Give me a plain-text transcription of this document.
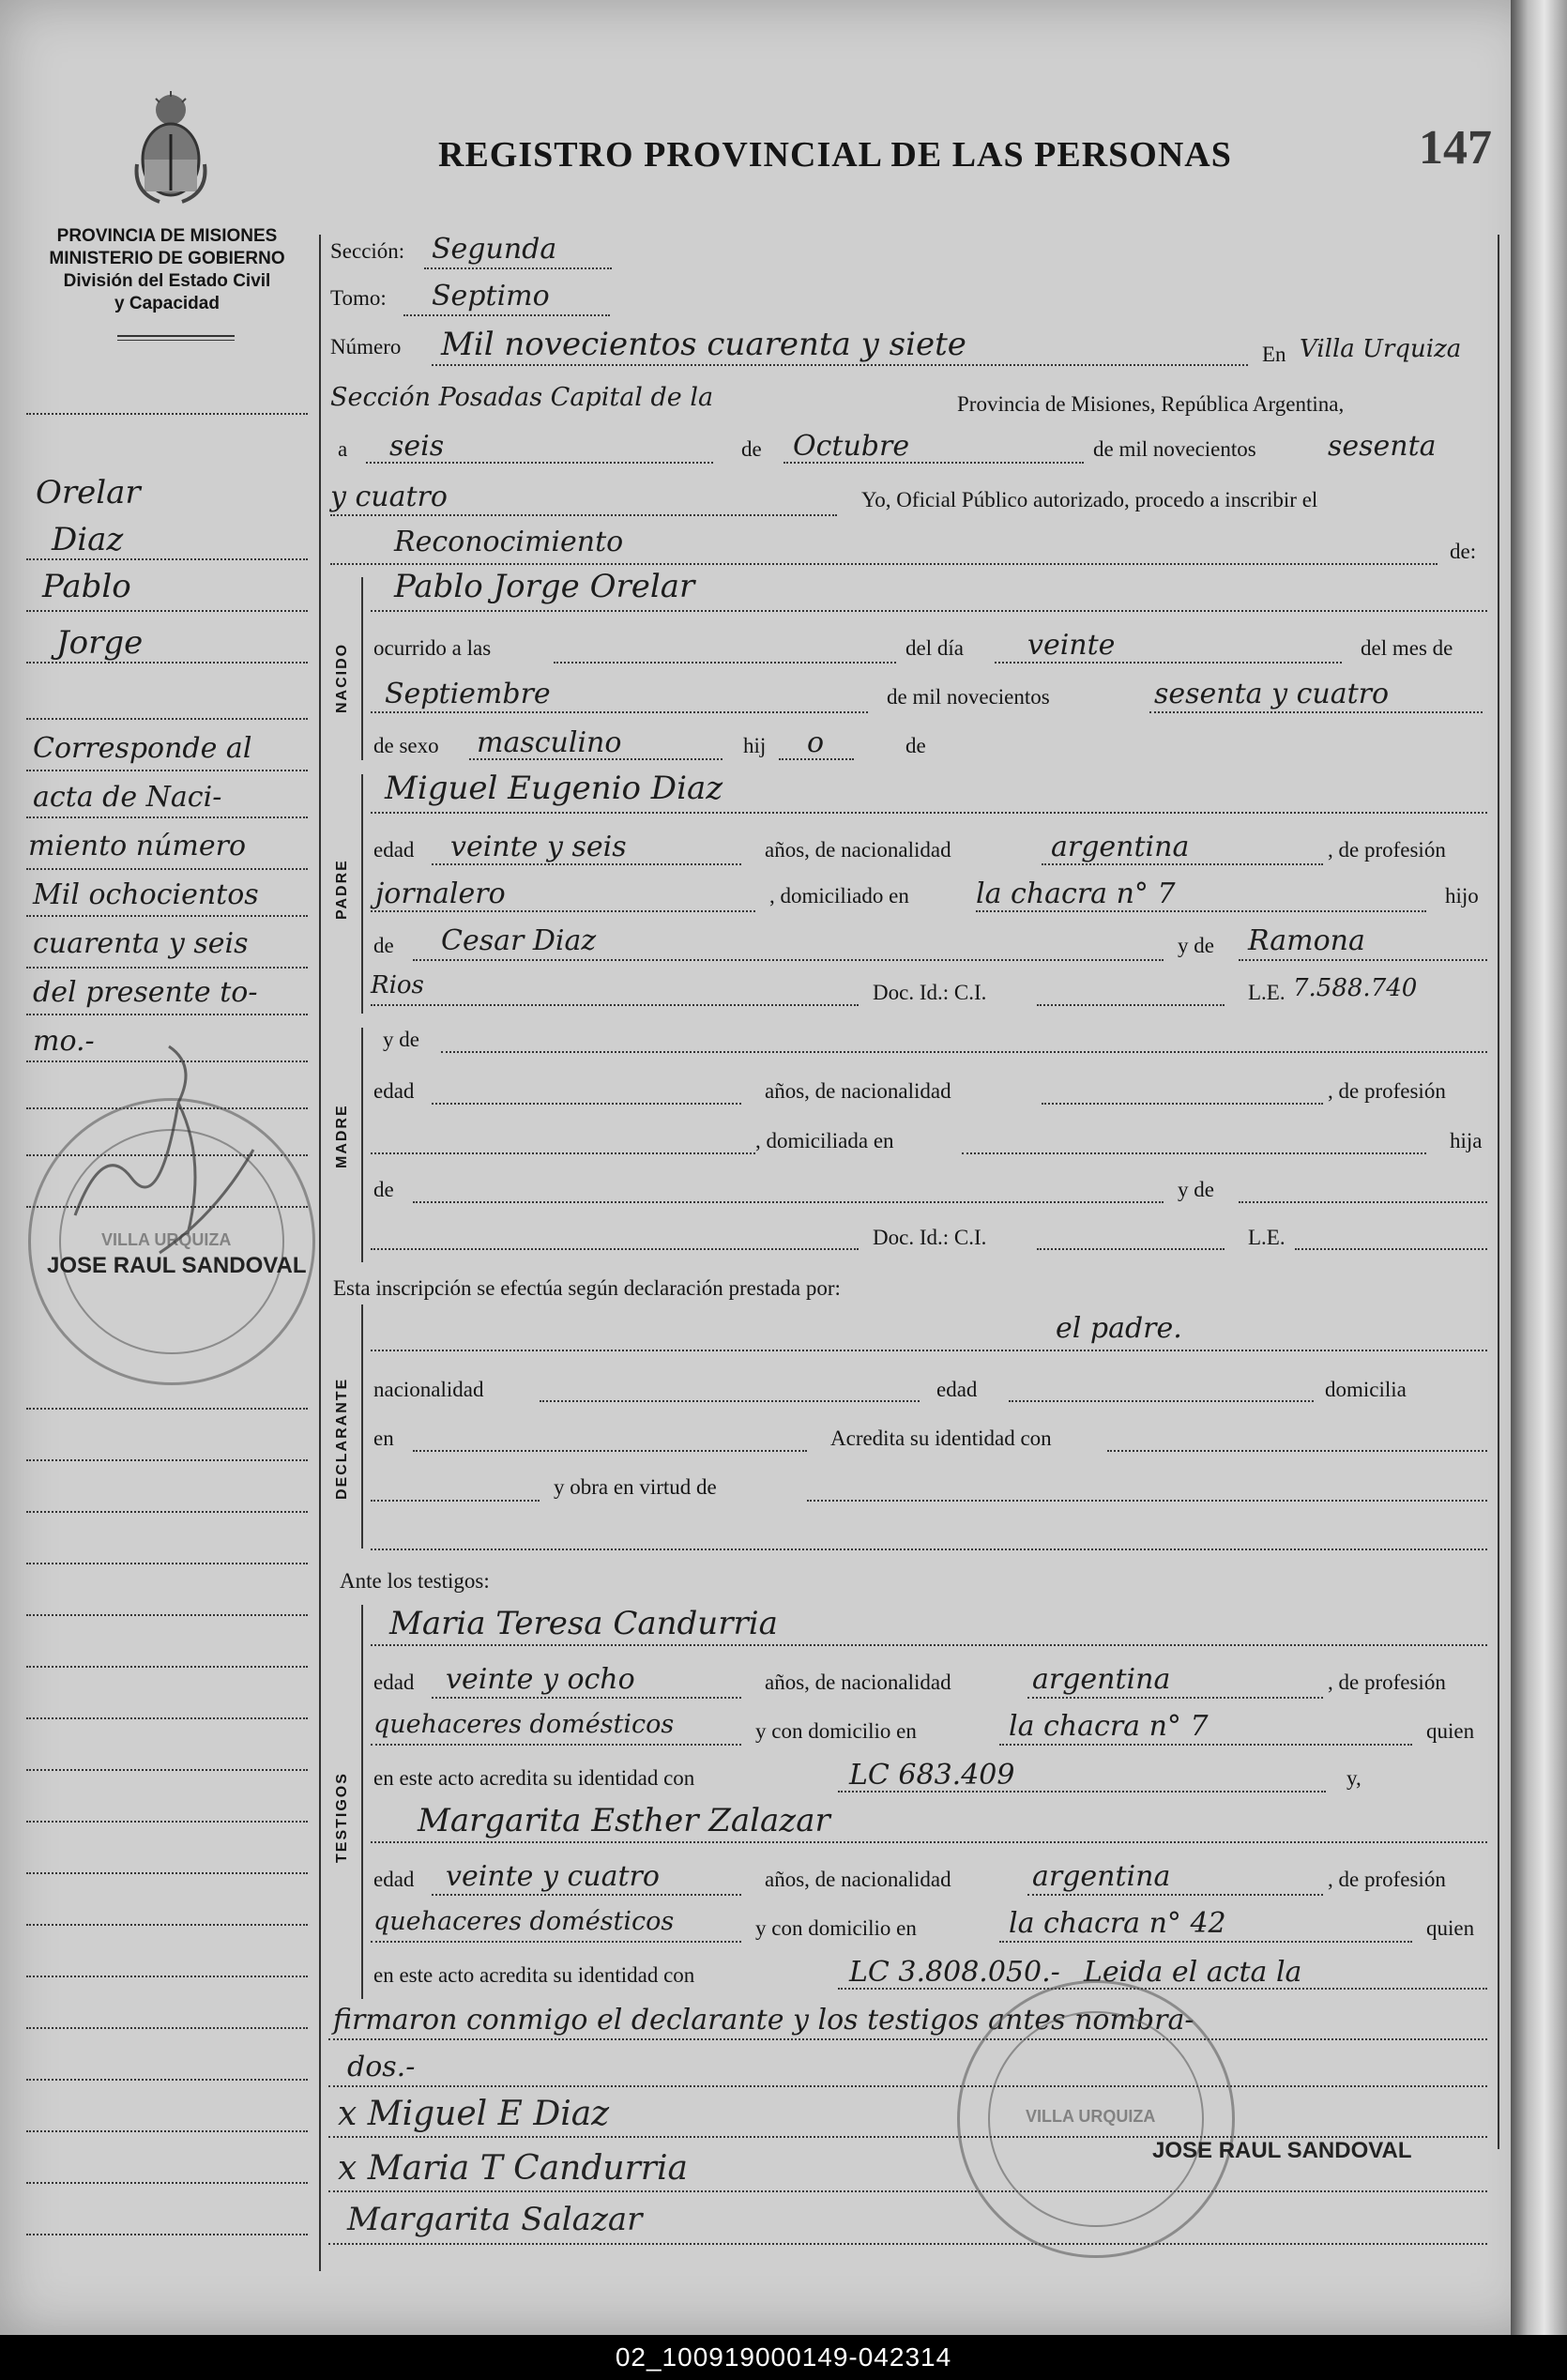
REGISTRO PROVINCIAL DE LAS PERSONAS	147
PROVINCIA DE MISIONES
MINISTERIO DE GOBIERNO
División del Estado Civil
y Capacidad
Orelar
Diaz
Pablo
Jorge
Corresponde al
acta de Naci-
miento número
Mil ochocientos
cuarenta y seis
del presente to-
mo.-
Sección: Segunda
Tomo: Septimo
Número Mil novecientos cuarenta y siete	En Villa Urquiza
Sección Posadas Capital de la	Provincia de Misiones, República Argentina,
a seis	de Octubre	de mil novecientos	sesenta
y cuatro	Yo, Oficial Público autorizado, procedo a inscribir el
Reconocimiento	de:
NACIDO
Pablo Jorge Orelar
ocurrido a las	del día veinte	del mes de
Septiembre	de mil novecientos	sesenta y cuatro
de sexo masculino	hij o	de
PADRE
Miguel Eugenio Diaz
edad veinte y seis	años, de nacionalidad	argentina	, de profesión
jornalero	, domiciliado en la chacra n° 7	hijo
de Cesar Diaz	y de Ramona
Rios	Doc. Id.: C.I.	L.E. 7.588.740
MADRE
y de
edad	años, de nacionalidad	, de profesión
, domiciliada en	hija
de	y de
Doc. Id.: C.I.	L.E.
Esta inscripción se efectúa según declaración prestada por:
DECLARANTE
el padre.
nacionalidad	edad	domicilia
en	Acredita su identidad con
y obra en virtud de
Ante los testigos:
TESTIGOS
Maria Teresa Candurria
edad veinte y ocho	años, de nacionalidad	argentina	, de profesión
quehaceres domésticos	y con domicilio en	la chacra n° 7	quien
en este acto acredita su identidad con	LC 683.409	y,
Margarita Esther Zalazar
edad veinte y cuatro	años, de nacionalidad	argentina	, de profesión
quehaceres domésticos	y con domicilio en	la chacra n° 42	quien
en este acto acredita su identidad con	LC 3.808.050.- Leida el acta la
firmaron conmigo el declarante y los testigos antes nombra-
dos.-
x Miguel E Diaz
x Maria T Candurria
Margarita Salazar
VILLA URQUIZA
JOSE RAUL SANDOVAL
VILLA URQUIZA
JOSE RAUL SANDOVAL
02_100919000149-042314
